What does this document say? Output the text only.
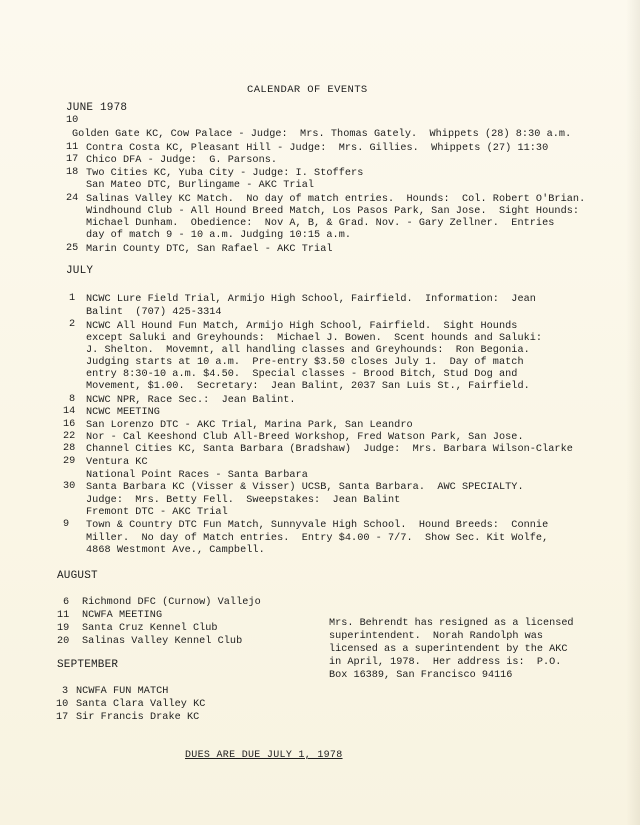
CALENDAR OF EVENTS
JUNE 1978
10
Golden Gate KC, Cow Palace - Judge:  Mrs. Thomas Gately.  Whippets (28) 8:30 a.m.
11 Contra Costa KC, Pleasant Hill - Judge:  Mrs. Gillies.  Whippets (27) 11:30
17 Chico DFA - Judge:  G. Parsons.
18 Two Cities KC, Yuba City - Judge: I. Stoffers
San Mateo DTC, Burlingame - AKC Trial
24 Salinas Valley KC Match.  No day of match entries.  Hounds:  Col. Robert O'Brian.
Windhound Club - All Hound Breed Match, Los Pasos Park, San Jose.  Sight Hounds:
Michael Dunham.  Obedience:  Nov A, B, & Grad. Nov. - Gary Zellner.  Entries
day of match 9 - 10 a.m. Judging 10:15 a.m.
25 Marin County DTC, San Rafael - AKC Trial
JULY
1 NCWC Lure Field Trial, Armijo High School, Fairfield.  Information:  Jean
Balint  (707) 425-3314
2 NCWC All Hound Fun Match, Armijo High School, Fairfield.  Sight Hounds
except Saluki and Greyhounds:  Michael J. Bowen.  Scent hounds and Saluki:
J. Shelton.  Movemnt, all handling classes and Greyhounds:  Ron Begonia.
Judging starts at 10 a.m.  Pre-entry $3.50 closes July 1.  Day of match
entry 8:30-10 a.m. $4.50.  Special classes - Brood Bitch, Stud Dog and
Movement, $1.00.  Secretary:  Jean Balint, 2037 San Luis St., Fairfield.
8 NCWC NPR, Race Sec.:  Jean Balint.
14 NCWC MEETING
16 San Lorenzo DTC - AKC Trial, Marina Park, San Leandro
22 Nor - Cal Keeshond Club All-Breed Workshop, Fred Watson Park, San Jose.
28 Channel Cities KC, Santa Barbara (Bradshaw)  Judge:  Mrs. Barbara Wilson-Clarke
29 Ventura KC
National Point Races - Santa Barbara
30 Santa Barbara KC (Visser & Visser) UCSB, Santa Barbara.  AWC SPECIALTY.
Judge:  Mrs. Betty Fell.  Sweepstakes:  Jean Balint
Fremont DTC - AKC Trial
9 Town & Country DTC Fun Match, Sunnyvale High School.  Hound Breeds:  Connie
Miller.  No day of Match entries.  Entry $4.00 - 7/7.  Show Sec. Kit Wolfe,
4868 Westmont Ave., Campbell.
AUGUST
6 Richmond DFC (Curnow) Vallejo
11 NCWFA MEETING
19 Santa Cruz Kennel Club
20 Salinas Valley Kennel Club
SEPTEMBER
3 NCWFA FUN MATCH
10 Santa Clara Valley KC
17 Sir Francis Drake KC
Mrs. Behrendt has resigned as a licensed
superintendent.  Norah Randolph was
licensed as a superintendent by the AKC
in April, 1978.  Her address is:  P.O.
Box 16389, San Francisco 94116
DUES ARE DUE JULY 1, 1978
